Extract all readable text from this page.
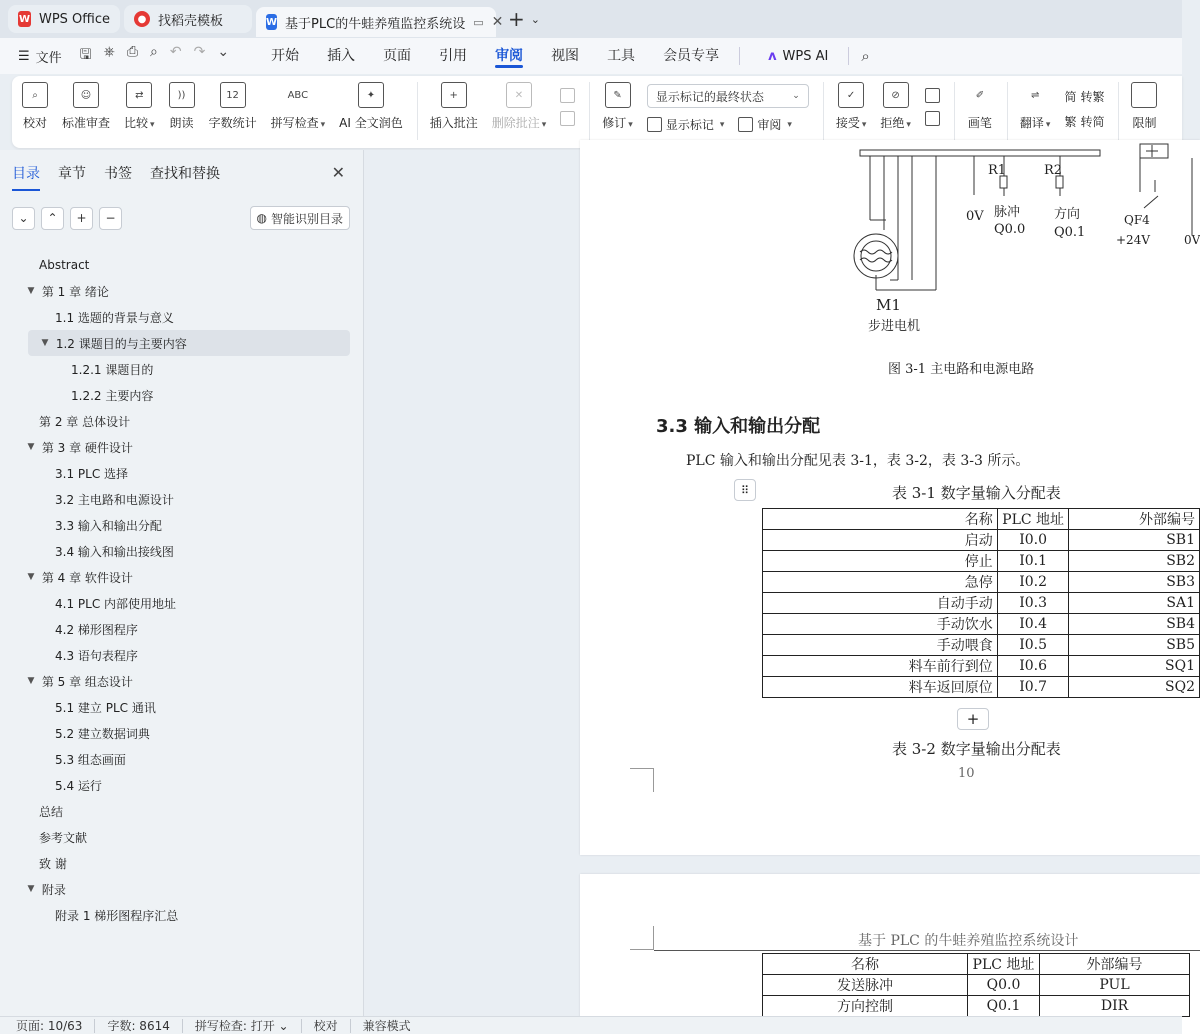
W WPS Office	● 找稻壳模板	W 基于PLC的牛蛙养殖监控系统设 ▭ ✕ + ⌄
☰ 文件 🖫 ⎈ ⎙ ⌕ ↶ ↷ ⌄	开始	插入	页面	引用	审阅	视图	工具	会员专享	ᴧ WPS AI	⌕
⌕
校对
☺
标准审查
⇄
比较 ▾
))
朗读
12
字数统计
ABC
拼写检查 ▾
✦
AI 全文润色
+
插入批注
✕
删除批注 ▾
✎
修订 ▾
显示标记的最终状态	⌄
显示标记 ▾	审阅 ▾
✓
接受 ▾
⊘
拒绝 ▾
✐
画笔
⇌
翻译 ▾
简 转繁
繁 转简 限制
目录 章节 书签 查找和替换	✕
⌄	⌃	+	−	◍ 智能识别目录
Abstract
▼
第 1 章 绪论
1.1 选题的背景与意义
▼
1.2 课题目的与主要内容
1.2.1 课题目的
1.2.2 主要内容
第 2 章 总体设计
▼
第 3 章 硬件设计
3.1 PLC 选择
3.2 主电路和电源设计
3.3 输入和输出分配
3.4 输入和输出接线图
▼
第 4 章 软件设计
4.1 PLC 内部使用地址
4.2 梯形图程序
4.3 语句表程序
▼
第 5 章 组态设计
5.1 建立 PLC 通讯
5.2 建立数据词典
5.3 组态画面
5.4 运行
总结
参考文献
致 谢
▼
附录
附录 1 梯形图程序汇总
R1	R2
0V 脉冲
Q0.0
方向
Q0.1
M1
步进电机
QF4
+24V	0V
图 3-1 主电路和电源电路
3.3 输入和输出分配
PLC 输入和输出分配见表 3-1，表 3-2，表 3-3 所示。
⠿	表 3-1 数字量输入分配表
名称	PLC 地址	外部编号
启动	I0.0	SB1
停止	I0.1	SB2
急停	I0.2	SB3
自动手动	I0.3	SA1
手动饮水	I0.4	SB4
手动喂食	I0.5	SB5
料车前行到位	I0.6	SQ1
料车返回原位	I0.7	SQ2
+
表 3-2 数字量输出分配表
10
基于 PLC 的牛蛙养殖监控系统设计
名称	PLC 地址	外部编号
发送脉冲	Q0.0	PUL
方向控制	Q0.1	DIR
页面: 10/63	字数: 8614	拼写检查: 打开 ⌄	校对	兼容模式
